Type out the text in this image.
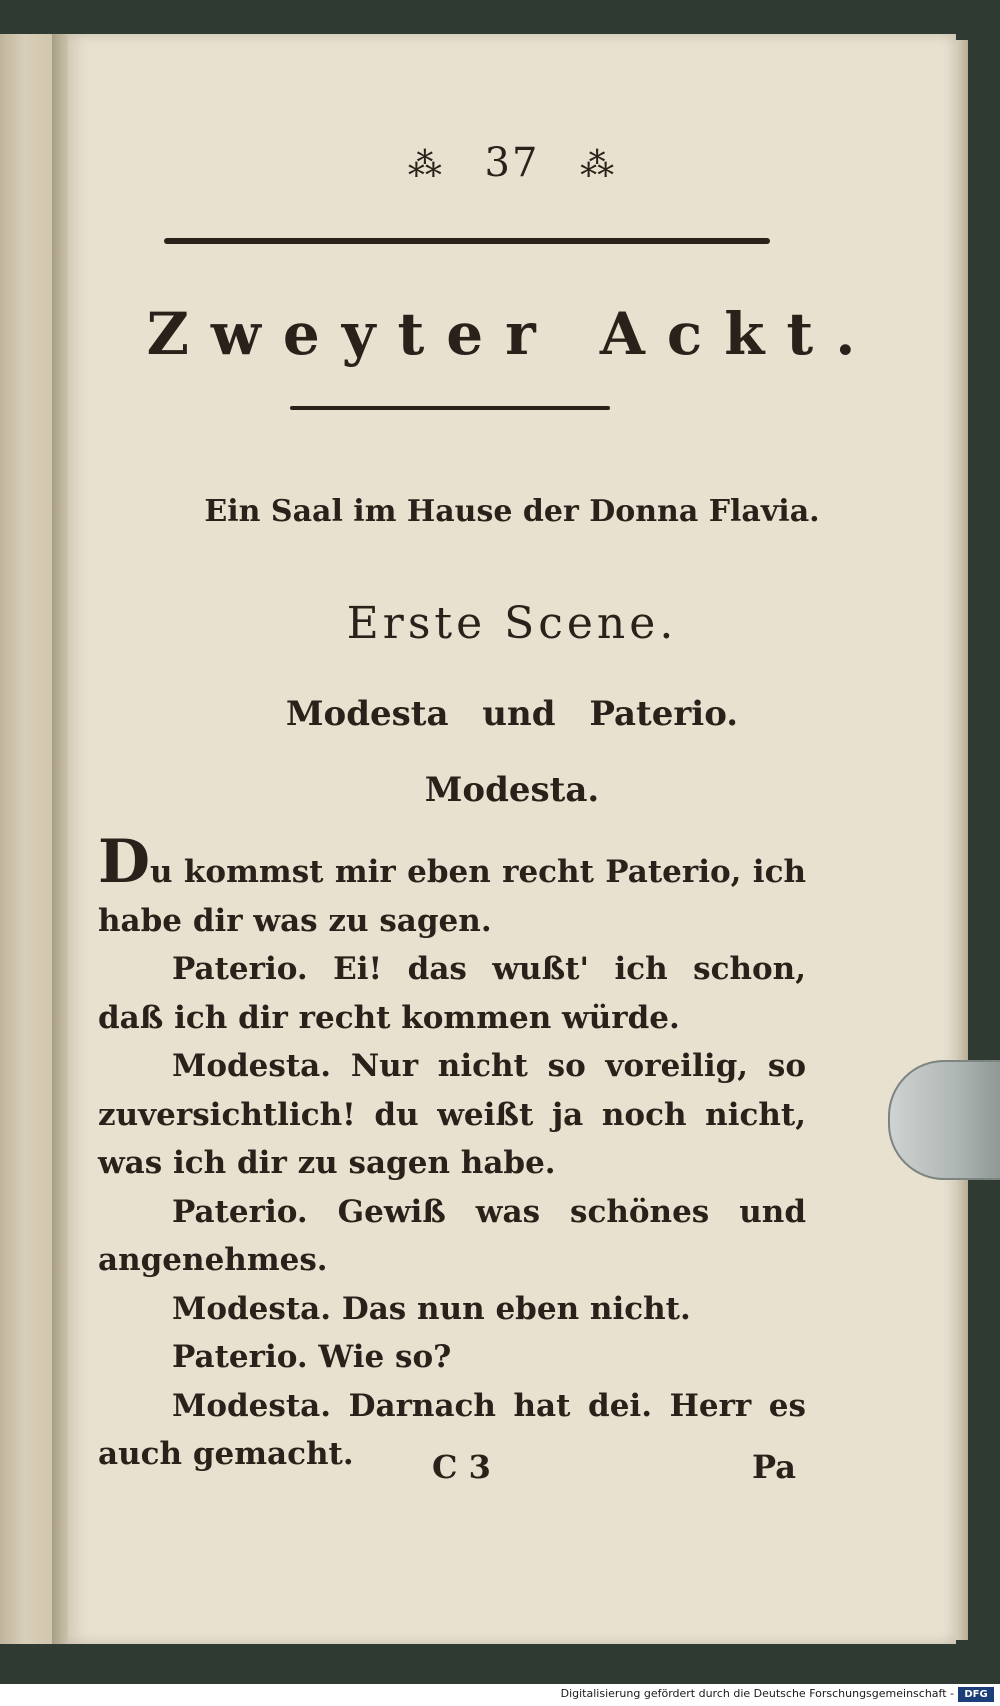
⁂ 37 ⁂
Zweyter Ackt.
Ein Saal im Hause der Donna Flavia.
Erste Scene.
Modesta und Paterio.
Modesta.

Du kommst mir eben recht Paterio, ich habe dir was zu sagen.

Paterio. Ei! das wußt' ich schon, daß ich dir recht kommen würde.

Modesta. Nur nicht so voreilig, so zuversichtlich! du weißt ja noch nicht, was ich dir zu sagen habe.

Paterio. Gewiß was schönes und angenehmes.

Modesta. Das nun eben nicht.

Paterio. Wie so?

Modesta. Darnach hat dei. Herr es auch gemacht.	C 3	Pa
Digitalisierung gefördert durch die Deutsche Forschungsgemeinschaft -	DFG
